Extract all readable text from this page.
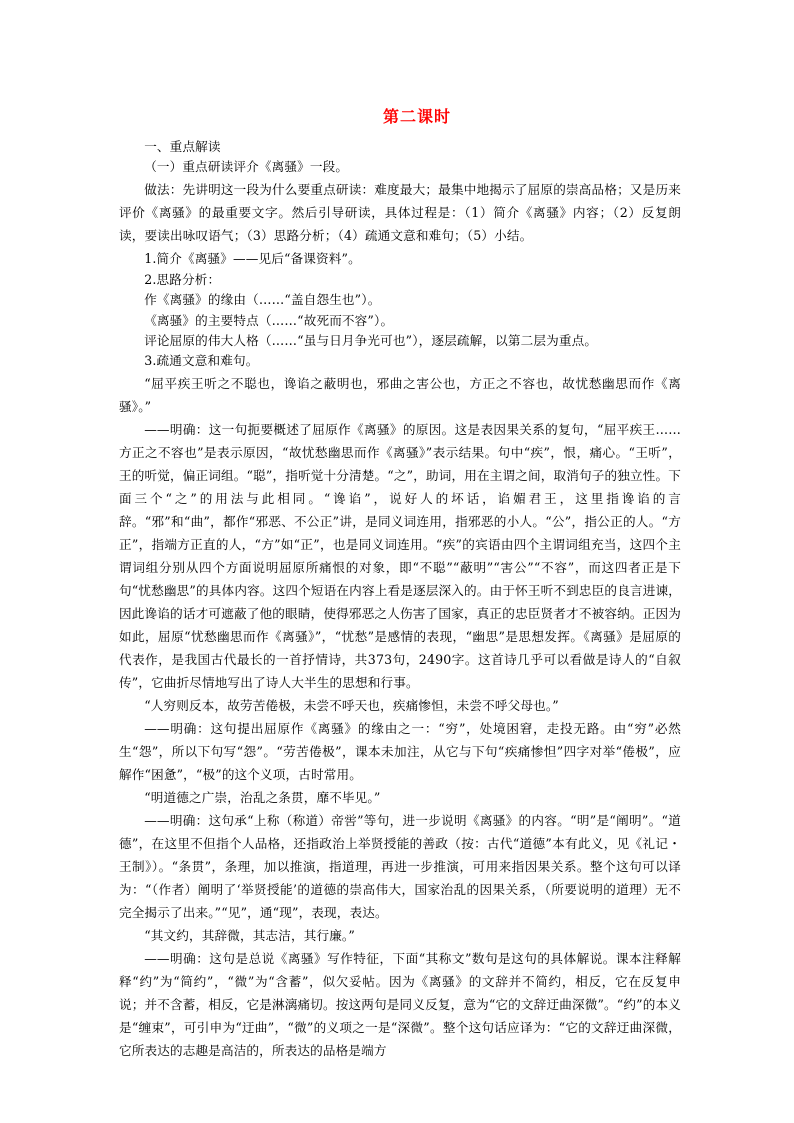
第二课时

一、重点解读

（一）重点研读评介《离骚》一段。

做法：先讲明这一段为什么要重点研读：难度最大；最集中地揭示了屈原的崇高品格；又是历来评价《离骚》的最重要文字。然后引导研读，具体过程是：（1）简介《离骚》内容；（2）反复朗读，要读出咏叹语气；（3）思路分析；（4）疏通文意和难句；（5）小结。

1.简介《离骚》——见后“备课资料”。

2.思路分析：

作《离骚》的缘由（……“盖自怨生也”）。

《离骚》的主要特点（……“故死而不容”）。

评论屈原的伟大人格（……“虽与日月争光可也”），逐层疏解，以第二层为重点。

3.疏通文意和难句。

“屈平疾王听之不聪也，谗谄之蔽明也，邪曲之害公也，方正之不容也，故忧愁幽思而作《离骚》。”

——明确：这一句扼要概述了屈原作《离骚》的原因。这是表因果关系的复句，“屈平疾王……方正之不容也”是表示原因，“故忧愁幽思而作《离骚》”表示结果。句中“疾”，恨，痛心。“王听”，王的听觉，偏正词组。“聪”，指听觉十分清楚。“之”，助词，用在主谓之间，取消句子的独立性。下面三个“之”的用法与此相同。“谗谄”，说好人的坏话，谄媚君王，这里指谗谄的言辞。“邪”和“曲”，都作“邪恶、不公正”讲，是同义词连用，指邪恶的小人。“公”，指公正的人。“方正”，指端方正直的人，“方”如“正”，也是同义词连用。“疾”的宾语由四个主谓词组充当，这四个主谓词组分别从四个方面说明屈原所痛恨的对象，即“不聪”“蔽明”“害公”“不容”，而这四者正是下句“忧愁幽思”的具体内容。这四个短语在内容上看是逐层深入的。由于怀王听不到忠臣的良言进谏，因此谗谄的话才可遮蔽了他的眼睛，使得邪恶之人伤害了国家，真正的忠臣贤者才不被容纳。正因为如此，屈原“忧愁幽思而作《离骚》”，“忧愁”是感情的表现，“幽思”是思想发挥。《离骚》是屈原的代表作，是我国古代最长的一首抒情诗，共373句，2490字。这首诗几乎可以看做是诗人的“自叙传”，它曲折尽情地写出了诗人大半生的思想和行事。

“人穷则反本，故劳苦倦极，未尝不呼天也，疾痛惨怛，未尝不呼父母也。”

——明确：这句提出屈原作《离骚》的缘由之一：“穷”，处境困窘，走投无路。由“穷”必然生“怨”，所以下句写“怨”。“劳苦倦极”，课本未加注，从它与下句“疾痛惨怛”四字对举“倦极”，应解作“困惫”，“极”的这个义项，古时常用。

“明道德之广崇，治乱之条贯，靡不毕见。”

——明确：这句承“上称（称道）帝喾”等句，进一步说明《离骚》的内容。“明”是“阐明”。“道德”，在这里不但指个人品格，还指政治上举贤授能的善政（按：古代“道德”本有此义，见《礼记・王制》）。“条贯”，条理，加以推演，指道理，再进一步推演，可用来指因果关系。整个这句可以译为：“（作者）阐明了‘举贤授能’的道德的崇高伟大，国家治乱的因果关系，（所要说明的道理）无不完全揭示了出来。”“见”，通“现”，表现，表达。

“其文约，其辞微，其志洁，其行廉。”

——明确：这句是总说《离骚》写作特征，下面“其称文”数句是这句的具体解说。课本注释解释“约”为“简约”，“微”为“含蓄”，似欠妥帖。因为《离骚》的文辞并不简约，相反，它在反复申说；并不含蓄，相反，它是淋漓痛切。按这两句是同义反复，意为“它的文辞迂曲深微”。“约”的本义是“缠束”，可引申为“迂曲”，“微”的义项之一是“深微”。整个这句话应译为：“它的文辞迂曲深微，它所表达的志趣是高洁的，所表达的品格是端方
